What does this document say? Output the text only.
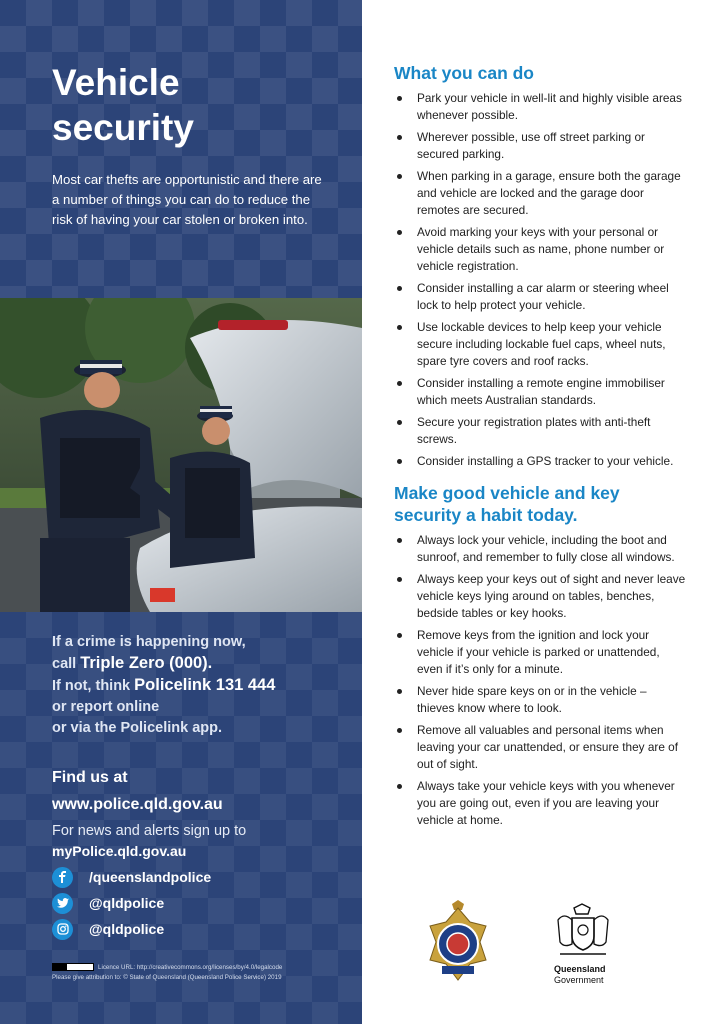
Vehicle
security
Most car thefts are opportunistic and there are a number of things you can do to reduce the risk of having your car stolen or broken into.
If a crime is happening now,
call Triple Zero (000).
If not, think Policelink 131 444
or report online
or via the Policelink app.
Find us at
www.police.qld.gov.au
For news and alerts sign up to
myPolice.qld.gov.au
/queenslandpolice
@qldpolice
@qldpolice
Licence URL: http://creativecommons.org/licenses/by/4.0/legalcode
Please give attribution to: © State of Queensland (Queensland Police Service) 2019
What you can do
Park your vehicle in well-lit and highly visible areas whenever possible.
Wherever possible, use off street parking or secured parking.
When parking in a garage, ensure both the garage and vehicle are locked and the garage door remotes are secured.
Avoid marking your keys with your personal or vehicle details such as name, phone number or vehicle registration.
Consider installing a car alarm or steering wheel lock to help protect your vehicle.
Use lockable devices to help keep your vehicle secure including lockable fuel caps, wheel nuts, spare tyre covers and roof racks.
Consider installing a remote engine immobiliser which meets Australian standards.
Secure your registration plates with anti-theft screws.
Consider installing a GPS tracker to your vehicle.
Make good vehicle and key security a habit today.
Always lock your vehicle, including the boot and sunroof, and remember to fully close all windows.
Always keep your keys out of sight and never leave vehicle keys lying around on tables, benches, bedside tables or key hooks.
Remove keys from the ignition and lock your vehicle if your vehicle is parked or unattended, even if it’s only for a minute.
Never hide spare keys on or in the vehicle – thieves know where to look.
Remove all valuables and personal items when leaving your car unattended, or ensure they are of out of sight.
Always take your vehicle keys with you whenever you are going out, even if you are leaving your vehicle at home.
Queensland
Government
